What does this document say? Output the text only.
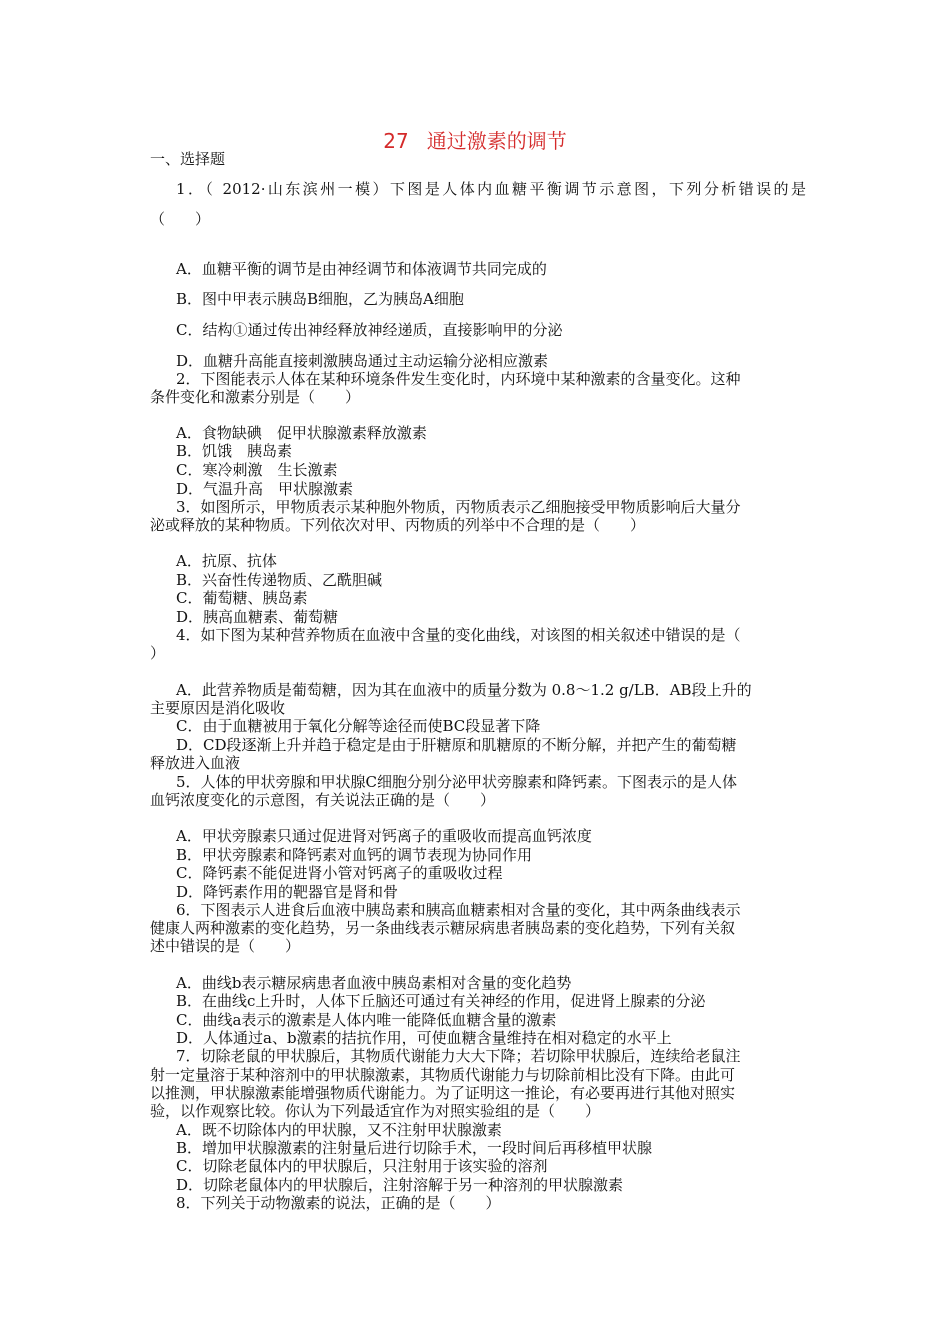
27 通过激素的调节
一、选择题
1．（ 2012·山东滨州一模）下图是人体内血糖平衡调节示意图，下列分析错误的是
（　　）
A．血糖平衡的调节是由神经调节和体液调节共同完成的
B．图中甲表示胰岛B细胞，乙为胰岛A细胞
C．结构①通过传出神经释放神经递质，直接影响甲的分泌
D．血糖升高能直接刺激胰岛通过主动运输分泌相应激素
2．下图能表示人体在某种环境条件发生变化时，内环境中某种激素的含量变化。这种
条件变化和激素分别是（　　）
A．食物缺碘　促甲状腺激素释放激素
B．饥饿　胰岛素
C．寒冷刺激　生长激素
D．气温升高　甲状腺激素
3．如图所示，甲物质表示某种胞外物质，丙物质表示乙细胞接受甲物质影响后大量分
泌或释放的某种物质。下列依次对甲、丙物质的列举中不合理的是（　　）
A．抗原、抗体
B．兴奋性传递物质、乙酰胆碱
C．葡萄糖、胰岛素
D．胰高血糖素、葡萄糖
4．如下图为某种营养物质在血液中含量的变化曲线，对该图的相关叙述中错误的是（
）
A．此营养物质是葡萄糖，因为其在血液中的质量分数为 0.8～1.2 g/LB．AB段上升的
主要原因是消化吸收
C．由于血糖被用于氧化分解等途径而使BC段显著下降
D．CD段逐渐上升并趋于稳定是由于肝糖原和肌糖原的不断分解，并把产生的葡萄糖
释放进入血液
5．人体的甲状旁腺和甲状腺C细胞分别分泌甲状旁腺素和降钙素。下图表示的是人体
血钙浓度变化的示意图，有关说法正确的是（　　）
A．甲状旁腺素只通过促进肾对钙离子的重吸收而提高血钙浓度
B．甲状旁腺素和降钙素对血钙的调节表现为协同作用
C．降钙素不能促进肾小管对钙离子的重吸收过程
D．降钙素作用的靶器官是肾和骨
6．下图表示人进食后血液中胰岛素和胰高血糖素相对含量的变化，其中两条曲线表示
健康人两种激素的变化趋势，另一条曲线表示糖尿病患者胰岛素的变化趋势，下列有关叙
述中错误的是（　　）
A．曲线b表示糖尿病患者血液中胰岛素相对含量的变化趋势
B．在曲线c上升时，人体下丘脑还可通过有关神经的作用，促进肾上腺素的分泌
C．曲线a表示的激素是人体内唯一能降低血糖含量的激素
D．人体通过a、b激素的拮抗作用，可使血糖含量维持在相对稳定的水平上
7．切除老鼠的甲状腺后，其物质代谢能力大大下降；若切除甲状腺后，连续给老鼠注
射一定量溶于某种溶剂中的甲状腺激素，其物质代谢能力与切除前相比没有下降。由此可
以推测，甲状腺激素能增强物质代谢能力。为了证明这一推论，有必要再进行其他对照实
验，以作观察比较。你认为下列最适宜作为对照实验组的是（　　）
A．既不切除体内的甲状腺，又不注射甲状腺激素
B．增加甲状腺激素的注射量后进行切除手术，一段时间后再移植甲状腺
C．切除老鼠体内的甲状腺后，只注射用于该实验的溶剂
D．切除老鼠体内的甲状腺后，注射溶解于另一种溶剂的甲状腺激素
8．下列关于动物激素的说法，正确的是（　　）
